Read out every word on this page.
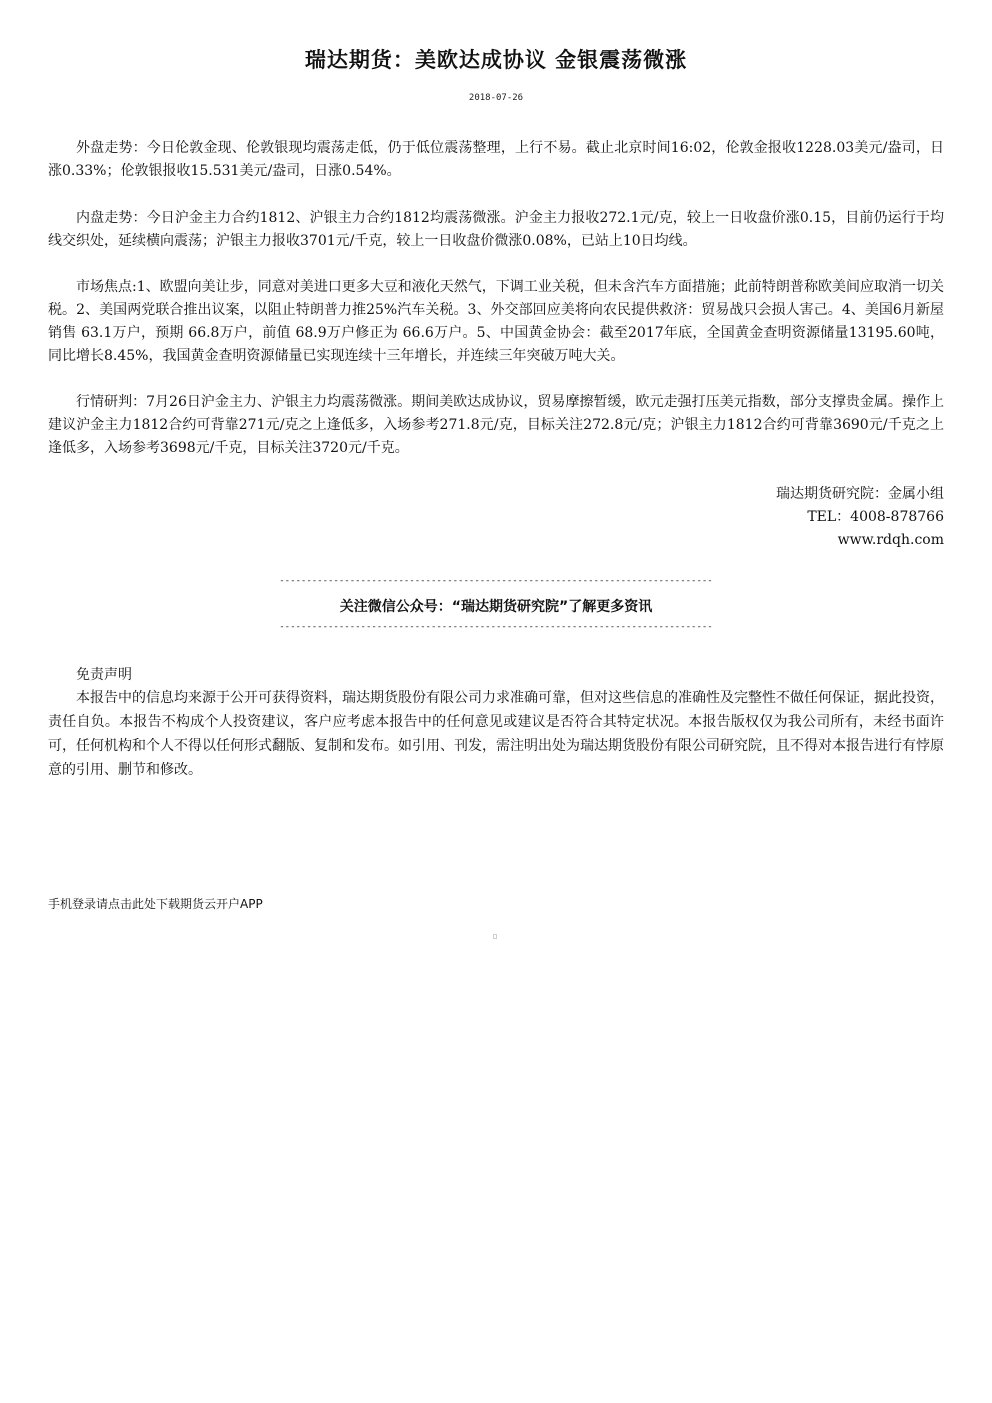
瑞达期货：美欧达成协议 金银震荡微涨
2018-07-26

外盘走势：今日伦敦金现、伦敦银现均震荡走低，仍于低位震荡整理，上行不易。截止北京时间16:02，伦敦金报收1228.03美元/盎司，日涨0.33%；伦敦银报收15.531美元/盎司，日涨0.54%。

内盘走势：今日沪金主力合约1812、沪银主力合约1812均震荡微涨。沪金主力报收272.1元/克，较上一日收盘价涨0.15，目前仍运行于均线交织处，延续横向震荡；沪银主力报收3701元/千克，较上一日收盘价微涨0.08%，已站上10日均线。

市场焦点:1、欧盟向美让步，同意对美进口更多大豆和液化天然气，下调工业关税，但未含汽车方面措施；此前特朗普称欧美间应取消一切关税。2、美国两党联合推出议案，以阻止特朗普力推25%汽车关税。3、外交部回应美将向农民提供救济：贸易战只会损人害己。4、美国6月新屋销售 63.1万户，预期 66.8万户，前值 68.9万户修正为 66.6万户。5、中国黄金协会：截至2017年底，全国黄金查明资源储量13195.60吨，同比增长8.45%，我国黄金查明资源储量已实现连续十三年增长，并连续三年突破万吨大关。

行情研判：7月26日沪金主力、沪银主力均震荡微涨。期间美欧达成协议，贸易摩擦暂缓，欧元走强打压美元指数，部分支撑贵金属。操作上建议沪金主力1812合约可背靠271元/克之上逢低多，入场参考271.8元/克，目标关注272.8元/克；沪银主力1812合约可背靠3690元/千克之上逢低多，入场参考3698元/千克，目标关注3720元/千克。

瑞达期货研究院：金属小组
TEL：4008-878766
www.rdqh.com
--------------------------------------------------------------------------------
关注微信公众号：“瑞达期货研究院”了解更多资讯
--------------------------------------------------------------------------------
免责声明

本报告中的信息均来源于公开可获得资料，瑞达期货股份有限公司力求准确可靠，但对这些信息的准确性及完整性不做任何保证，据此投资，责任自负。本报告不构成个人投资建议，客户应考虑本报告中的任何意见或建议是否符合其特定状况。本报告版权仅为我公司所有，未经书面许可，任何机构和个人不得以任何形式翻版、复制和发布。如引用、刊发，需注明出处为瑞达期货股份有限公司研究院，且不得对本报告进行有悖原意的引用、删节和修改。

手机登录请点击此处下载期货云开户APP
